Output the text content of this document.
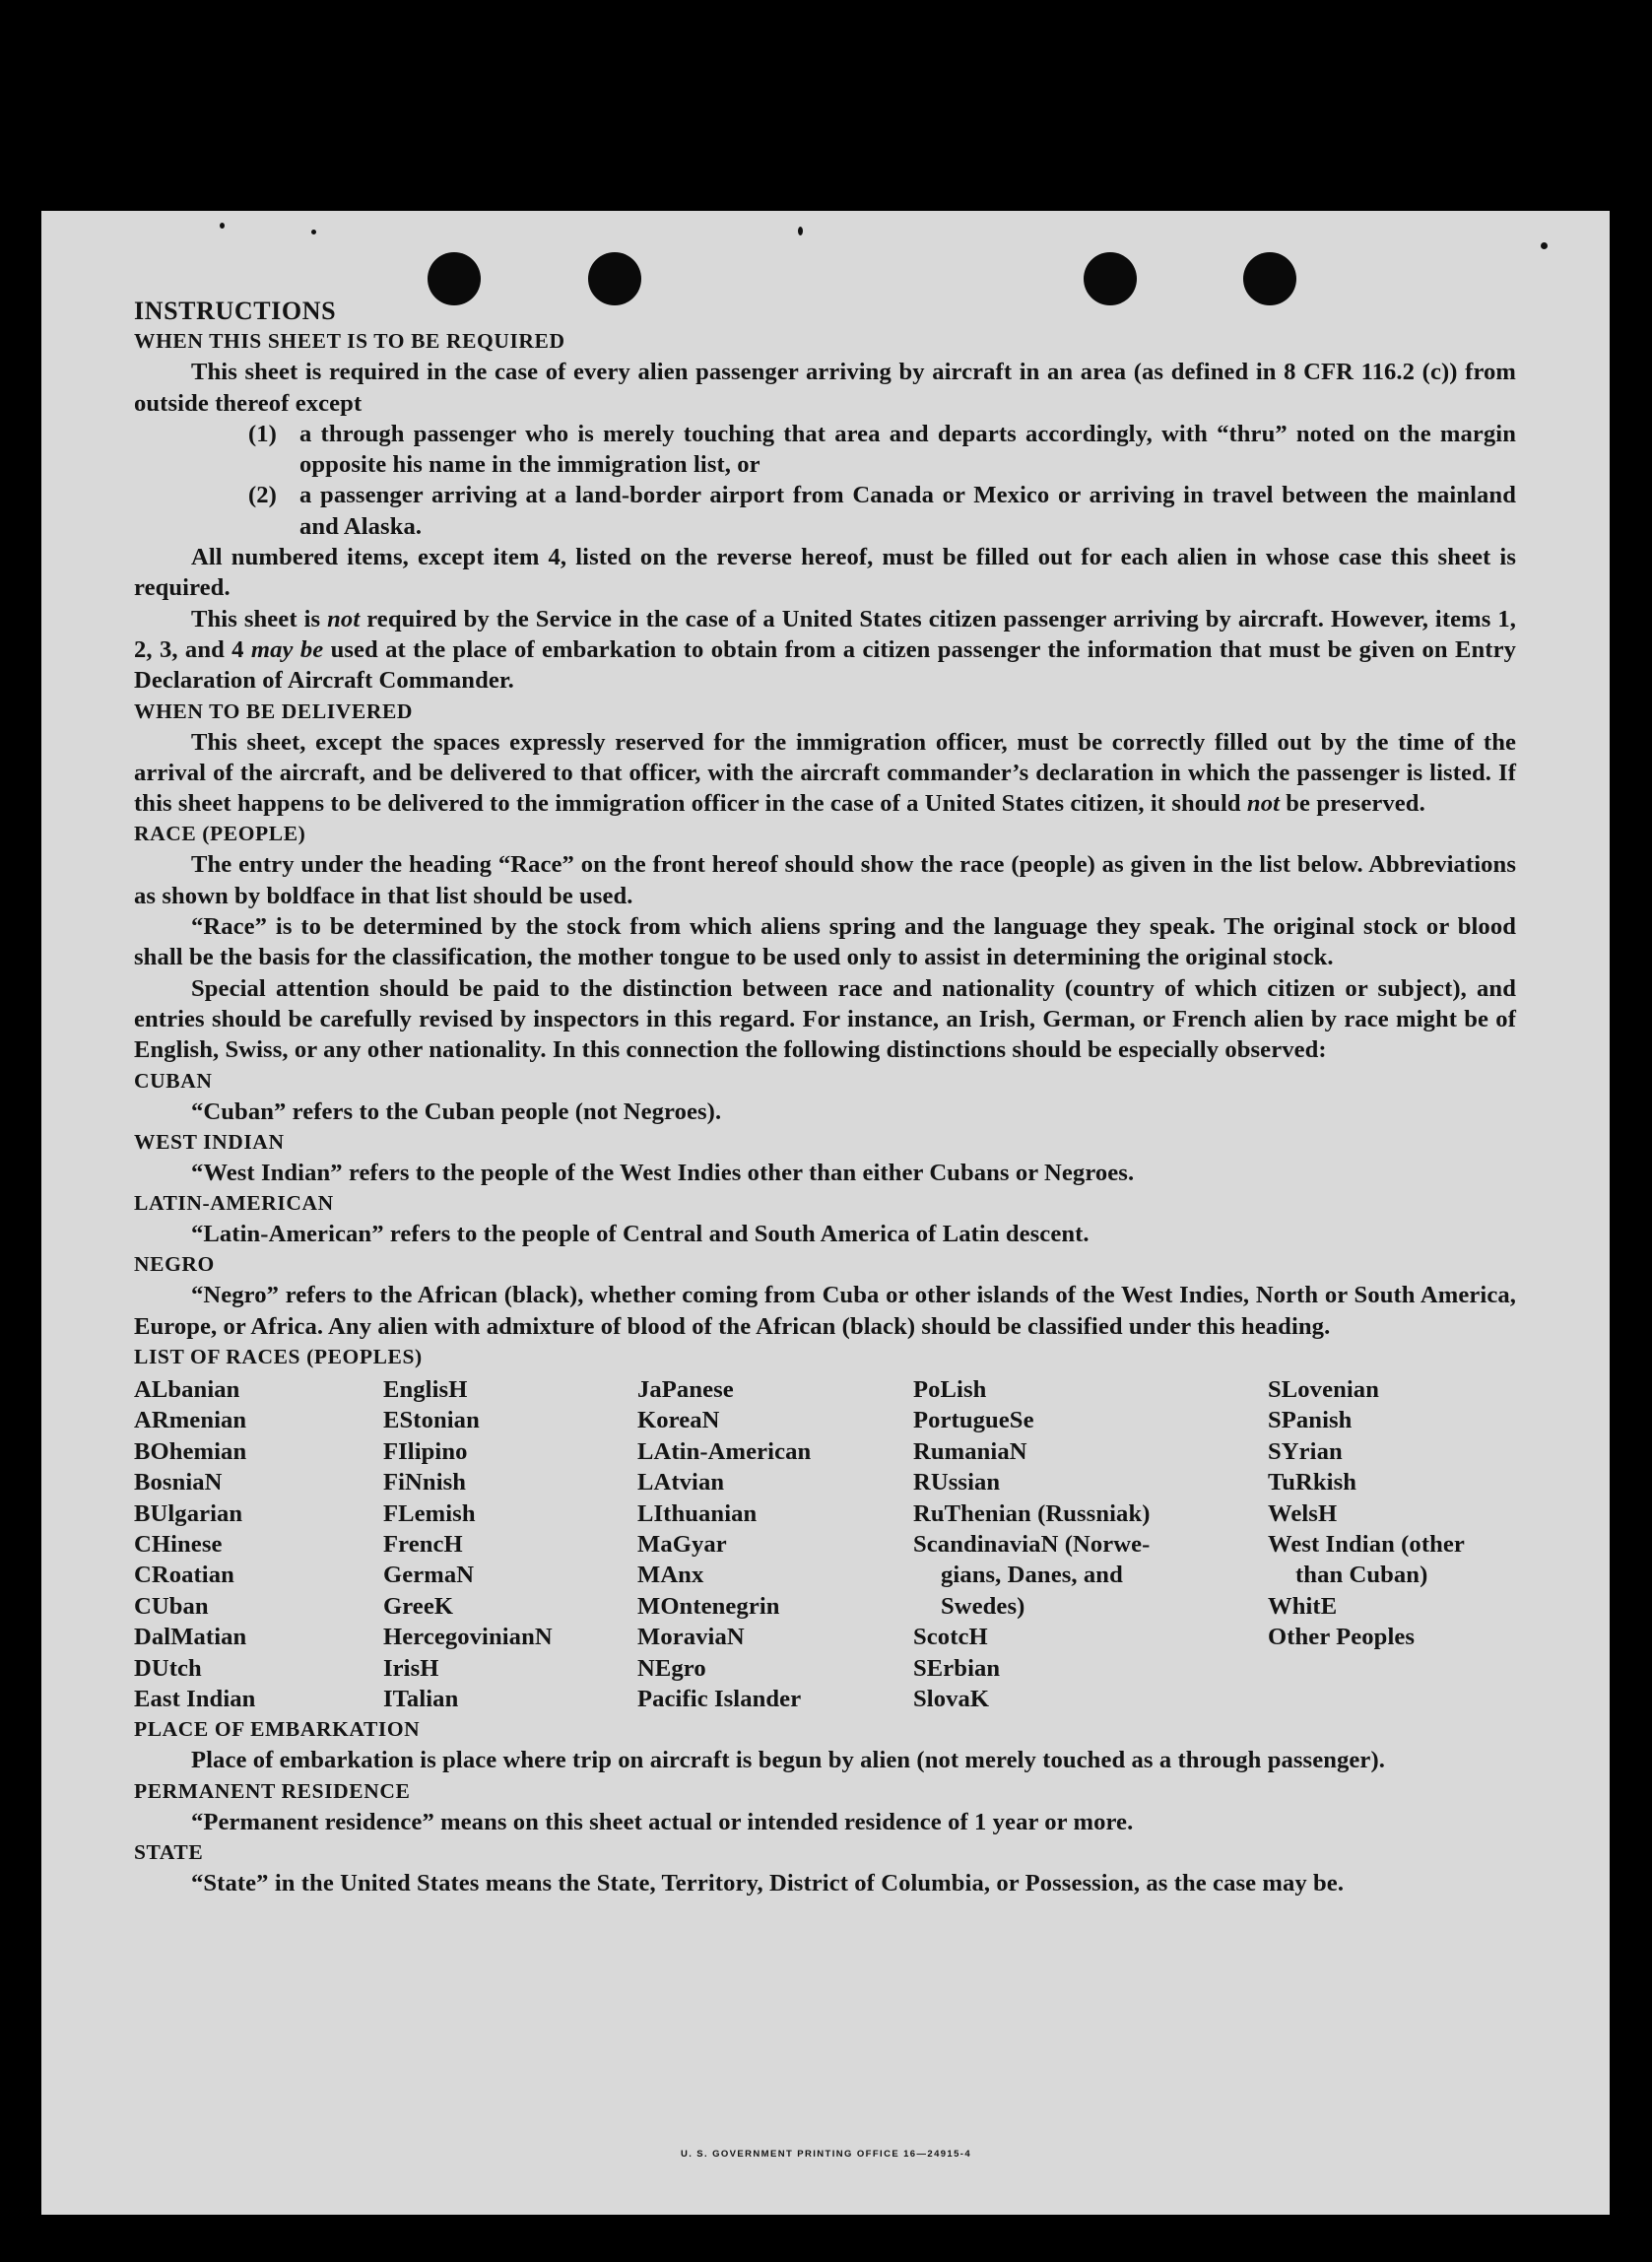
INSTRUCTIONS

WHEN THIS SHEET IS TO BE REQUIRED

This sheet is required in the case of every alien passenger arriving by aircraft in an area (as defined in 8 CFR 116.2 (c)) from outside thereof except

(1) a through passenger who is merely touching that area and departs accordingly, with “thru” noted on the margin opposite his name in the immigration list, or
(2) a passenger arriving at a land-border airport from Canada or Mexico or arriving in travel between the mainland and Alaska.

All numbered items, except item 4, listed on the reverse hereof, must be filled out for each alien in whose case this sheet is required.

This sheet is not required by the Service in the case of a United States citizen passenger arriving by aircraft. However, items 1, 2, 3, and 4 may be used at the place of embarkation to obtain from a citizen passenger the information that must be given on Entry Declaration of Aircraft Commander.

WHEN TO BE DELIVERED

This sheet, except the spaces expressly reserved for the immigration officer, must be correctly filled out by the time of the arrival of the aircraft, and be delivered to that officer, with the aircraft commander’s declaration in which the passenger is listed. If this sheet happens to be delivered to the immigration officer in the case of a United States citizen, it should not be preserved.

RACE (PEOPLE)

The entry under the heading “Race” on the front hereof should show the race (people) as given in the list below. Abbreviations as shown by boldface in that list should be used.

“Race” is to be determined by the stock from which aliens spring and the language they speak. The original stock or blood shall be the basis for the classification, the mother tongue to be used only to assist in determining the original stock.

Special attention should be paid to the distinction between race and nationality (country of which citizen or subject), and entries should be carefully revised by inspectors in this regard. For instance, an Irish, German, or French alien by race might be of English, Swiss, or any other nationality. In this connection the following distinctions should be especially observed:

CUBAN

“Cuban” refers to the Cuban people (not Negroes).

WEST INDIAN

“West Indian” refers to the people of the West Indies other than either Cubans or Negroes.

LATIN-AMERICAN

“Latin-American” refers to the people of Central and South America of Latin descent.

NEGRO

“Negro” refers to the African (black), whether coming from Cuba or other islands of the West Indies, North or South America, Europe, or Africa. Any alien with admixture of blood of the African (black) should be classified under this heading.

LIST OF RACES (PEOPLES)

ALbanian
ARmenian
BOhemian
BosniaN
BUlgarian
CHinese
CRoatian
CUban
DalMatian
DUtch
East Indian
EnglisH
EStonian
FIlipino
FiNnish
FLemish
FrencH
GermaN
GreeK
HercegovinianN
IrisH
ITalian
JaPanese
KoreaN
LAtin-American
LAtvian
LIthuanian
MaGyar
MAnx
MOntenegrin
MoraviaN
NEgro
Pacific Islander
PoLish
PortugueSe
RumaniaN
RUssian
RuThenian (Russniak)
ScandinaviaN (Norwe-
gians, Danes, and
Swedes)
ScotcH
SErbian
SlovaK
SLovenian
SPanish
SYrian
TuRkish
WelsH
West Indian (other
than Cuban)
WhitE
Other Peoples

PLACE OF EMBARKATION

Place of embarkation is place where trip on aircraft is begun by alien (not merely touched as a through passenger).

PERMANENT RESIDENCE

“Permanent residence” means on this sheet actual or intended residence of 1 year or more.

STATE

“State” in the United States means the State, Territory, District of Columbia, or Possession, as the case may be.

U. S. GOVERNMENT PRINTING OFFICE 16—24915-4
